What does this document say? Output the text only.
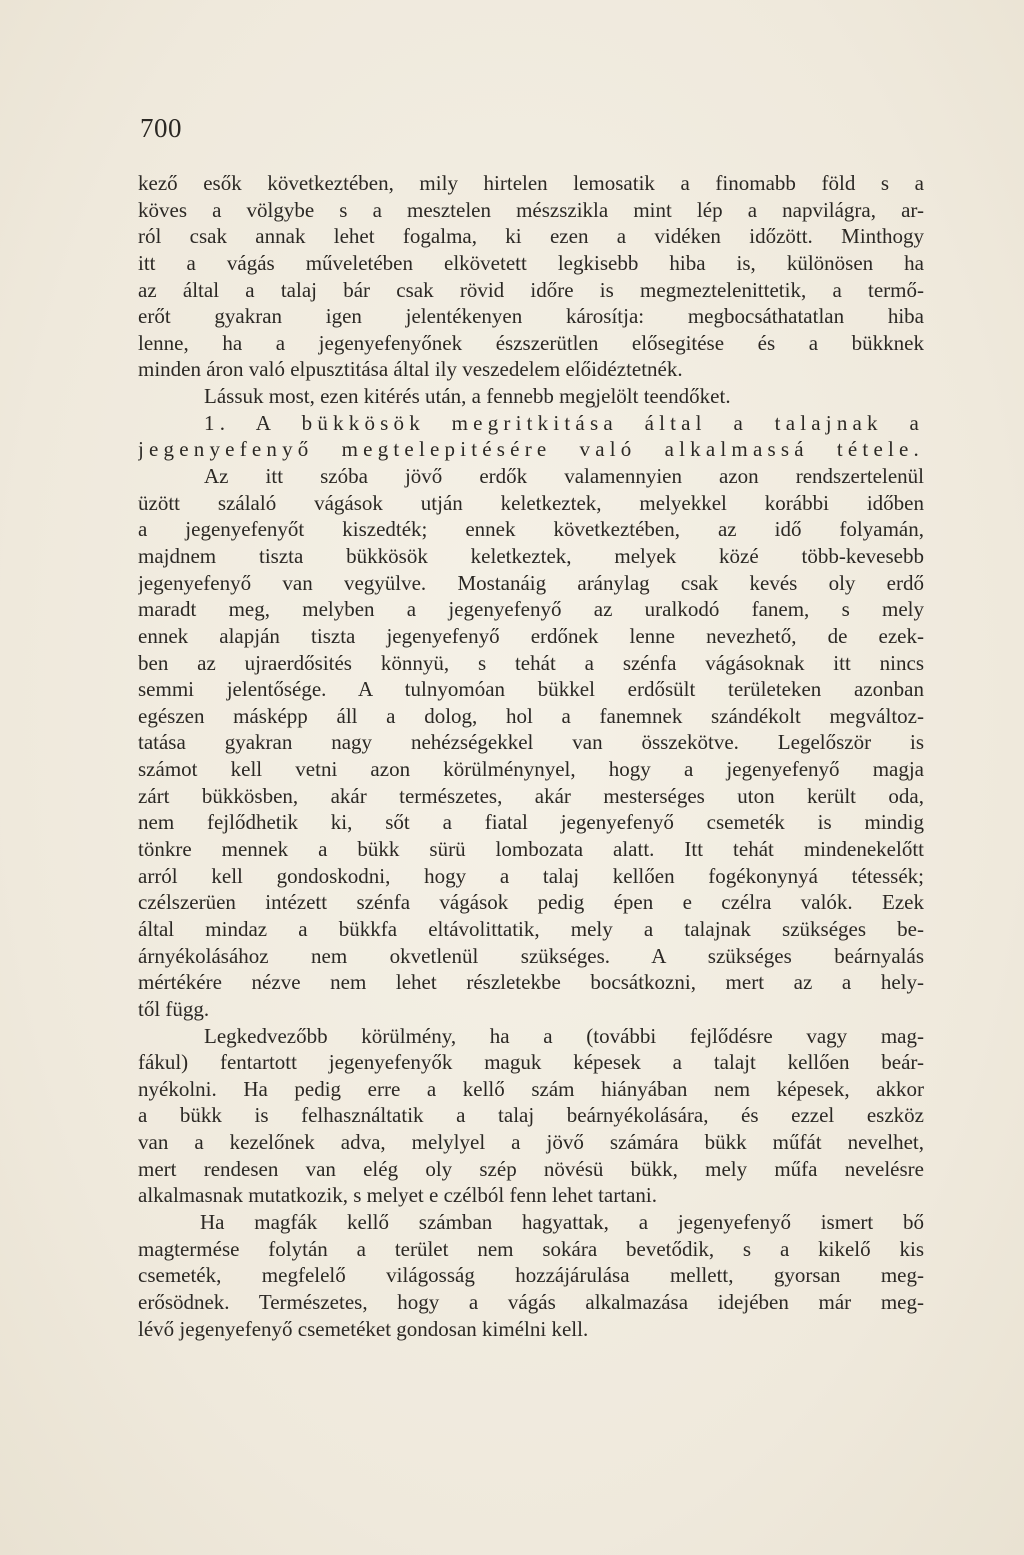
700
kező esők következtében, mily hirtelen lemosatik a finomabb föld s a
köves a völgybe s a mesztelen mészszikla mint lép a napvilágra, ar-
ról csak annak lehet fogalma, ki ezen a vidéken időzött. Minthogy
itt a vágás műveletében elkövetett legkisebb hiba is, különösen ha
az által a talaj bár csak rövid időre is megmeztelenittetik, a termő-
erőt gyakran igen jelentékenyen károsítja: megbocsáthatatlan hiba
lenne, ha a jegenyefenyőnek észszerütlen elősegitése és a bükknek
minden áron való elpusztitása által ily veszedelem előidéztetnék.
Lássuk most, ezen kitérés után, a fennebb megjelölt teendőket.
1. A bükkösök megritkitása által a talajnak a
jegenyefenyő megtelepitésére való alkalmassá tétele.
Az itt szóba jövő erdők valamennyien azon rendszertelenül
üzött szálaló vágások utján keletkeztek, melyekkel korábbi időben
a jegenyefenyőt kiszedték; ennek következtében, az idő folyamán,
majdnem tiszta bükkösök keletkeztek, melyek közé több-kevesebb
jegenyefenyő van vegyülve. Mostanáig aránylag csak kevés oly erdő
maradt meg, melyben a jegenyefenyő az uralkodó fanem, s mely
ennek alapján tiszta jegenyefenyő erdőnek lenne nevezhető, de ezek-
ben az ujraerdősités könnyü, s tehát a szénfa vágásoknak itt nincs
semmi jelentősége. A tulnyomóan bükkel erdősült területeken azonban
egészen másképp áll a dolog, hol a fanemnek szándékolt megváltoz-
tatása gyakran nagy nehézségekkel van összekötve. Legelőször is
számot kell vetni azon körülménynyel, hogy a jegenyefenyő magja
zárt bükkösben, akár természetes, akár mesterséges uton került oda,
nem fejlődhetik ki, sőt a fiatal jegenyefenyő csemeték is mindig
tönkre mennek a bükk sürü lombozata alatt. Itt tehát mindenekelőtt
arról kell gondoskodni, hogy a talaj kellően fogékonynyá tétessék;
czélszerüen intézett szénfa vágások pedig épen e czélra valók. Ezek
által mindaz a bükkfa eltávolittatik, mely a talajnak szükséges be-
árnyékolásához nem okvetlenül szükséges. A szükséges beárnyalás
mértékére nézve nem lehet részletekbe bocsátkozni, mert az a hely-
től függ.
Legkedvezőbb körülmény, ha a (további fejlődésre vagy mag-
fákul) fentartott jegenyefenyők maguk képesek a talajt kellően beár-
nyékolni. Ha pedig erre a kellő szám hiányában nem képesek, akkor
a bükk is felhasználtatik a talaj beárnyékolására, és ezzel eszköz
van a kezelőnek adva, melylyel a jövő számára bükk műfát nevelhet,
mert rendesen van elég oly szép növésü bükk, mely műfa nevelésre
alkalmasnak mutatkozik, s melyet e czélból fenn lehet tartani.
Ha magfák kellő számban hagyattak, a jegenyefenyő ismert bő
magtermése folytán a terület nem sokára bevetődik, s a kikelő kis
csemeték, megfelelő világosság hozzájárulása mellett, gyorsan meg-
erősödnek. Természetes, hogy a vágás alkalmazása idejében már meg-
lévő jegenyefenyő csemetéket gondosan kimélni kell.
